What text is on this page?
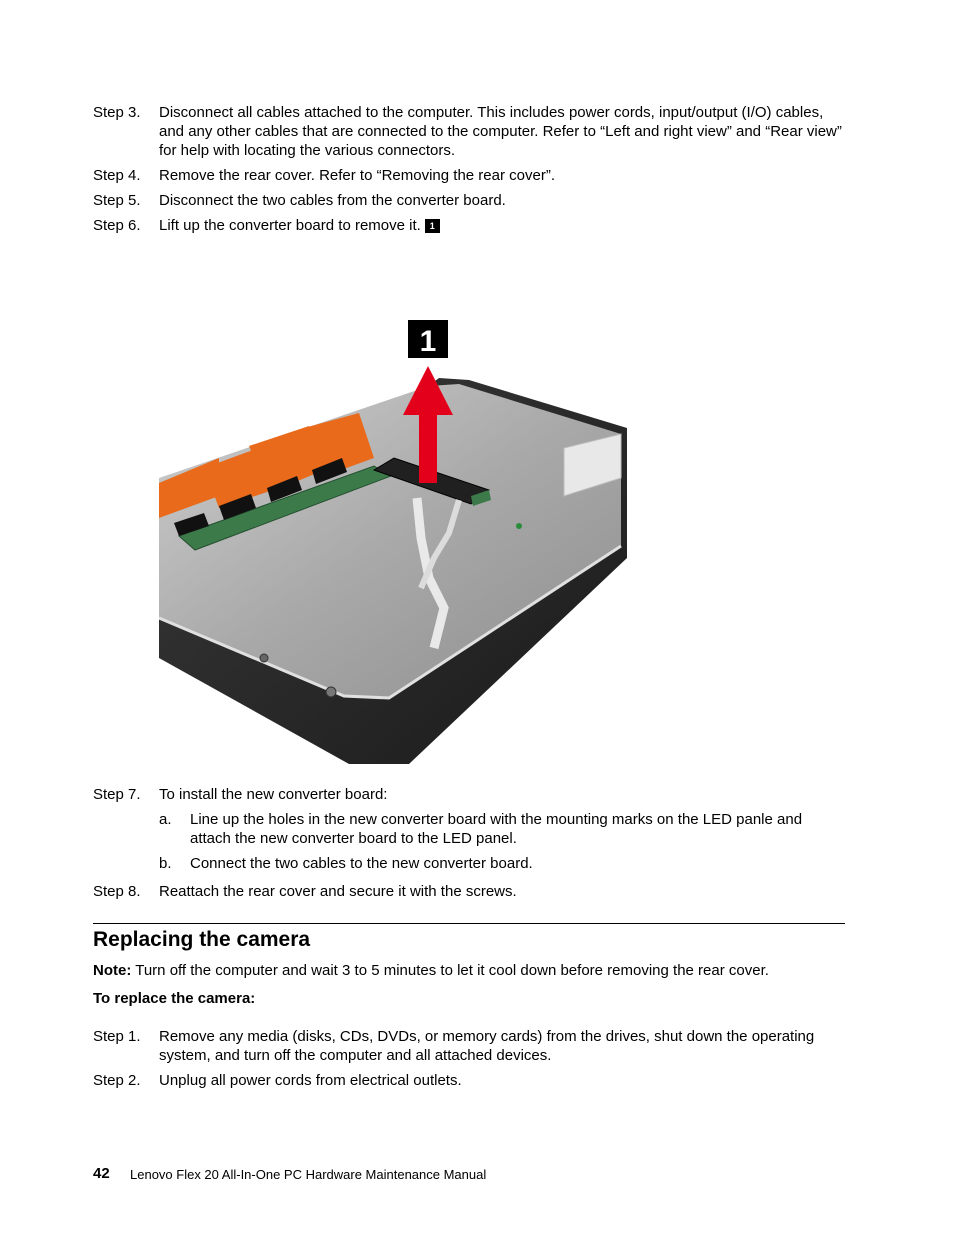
Step 3. Disconnect all cables attached to the computer. This includes power cords, input/output (I/O) cables, and any other cables that are connected to the computer. Refer to “Left and right view” and “Rear view” for help with locating the various connectors.
Step 4. Remove the rear cover. Refer to “Removing the rear cover”.
Step 5. Disconnect the two cables from the converter board.
Step 6. Lift up the converter board to remove it. 1
1
Step 7. To install the new converter board:
a. Line up the holes in the new converter board with the mounting marks on the LED panle and attach the new converter board to the LED panel.
b. Connect the two cables to the new converter board.
Step 8. Reattach the rear cover and secure it with the screws.
Replacing the camera
Note: Turn off the computer and wait 3 to 5 minutes to let it cool down before removing the rear cover.
To replace the camera:
Step 1. Remove any media (disks, CDs, DVDs, or memory cards) from the drives, shut down the operating system, and turn off the computer and all attached devices.
Step 2. Unplug all power cords from electrical outlets.
42 Lenovo Flex 20 All-In-One PC Hardware Maintenance Manual
